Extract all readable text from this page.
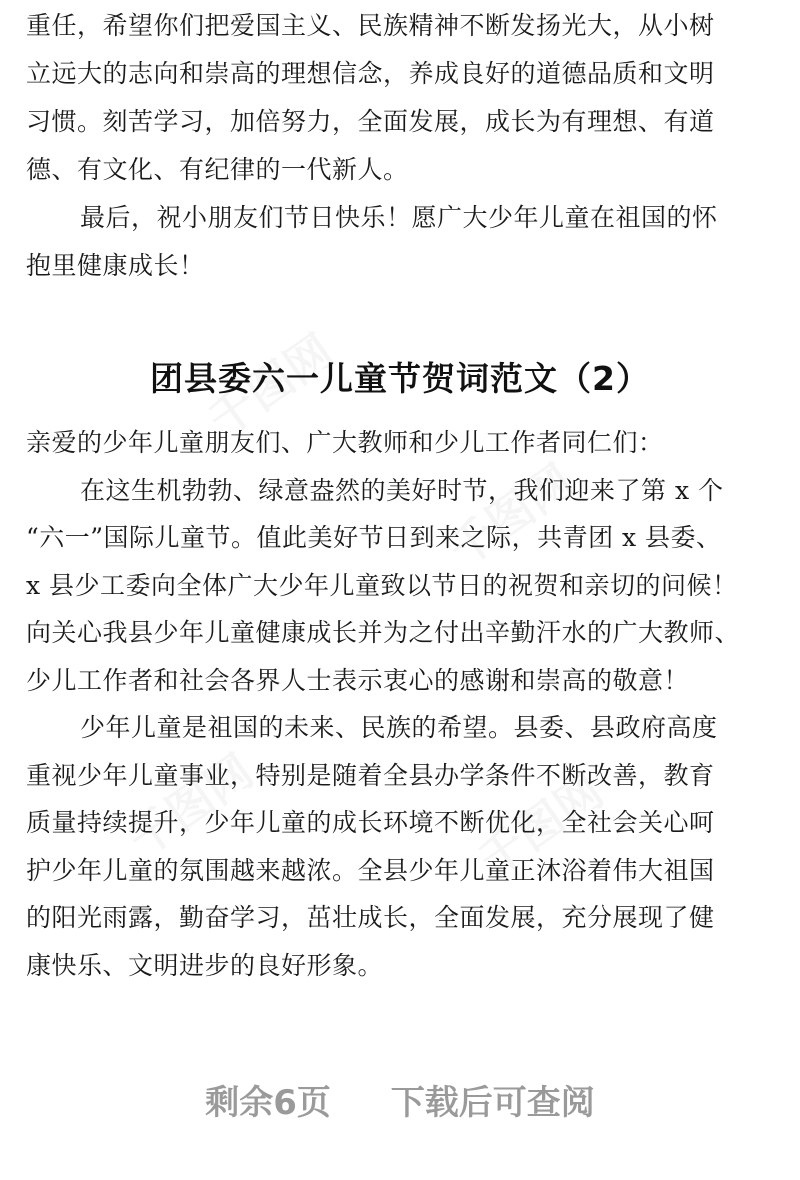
重任，希望你们把爱国主义、民族精神不断发扬光大，从小树
立远大的志向和崇高的理想信念，养成良好的道德品质和文明
习惯。刻苦学习，加倍努力，全面发展，成长为有理想、有道
德、有文化、有纪律的一代新人。
最后，祝小朋友们节日快乐！愿广大少年儿童在祖国的怀
抱里健康成长！
团县委六一儿童节贺词范文（2）
亲爱的少年儿童朋友们、广大教师和少儿工作者同仁们：
在这生机勃勃、绿意盎然的美好时节，我们迎来了第 x 个
“六一”国际儿童节。值此美好节日到来之际，共青团 x 县委、
x 县少工委向全体广大少年儿童致以节日的祝贺和亲切的问候！
向关心我县少年儿童健康成长并为之付出辛勤汗水的广大教师、
少儿工作者和社会各界人士表示衷心的感谢和崇高的敬意！
少年儿童是祖国的未来、民族的希望。县委、县政府高度
重视少年儿童事业，特别是随着全县办学条件不断改善，教育
质量持续提升，少年儿童的成长环境不断优化，全社会关心呵
护少年儿童的氛围越来越浓。全县少年儿童正沐浴着伟大祖国
的阳光雨露，勤奋学习，茁壮成长，全面发展，充分展现了健
康快乐、文明进步的良好形象。
剩余6页 下载后可查阅
